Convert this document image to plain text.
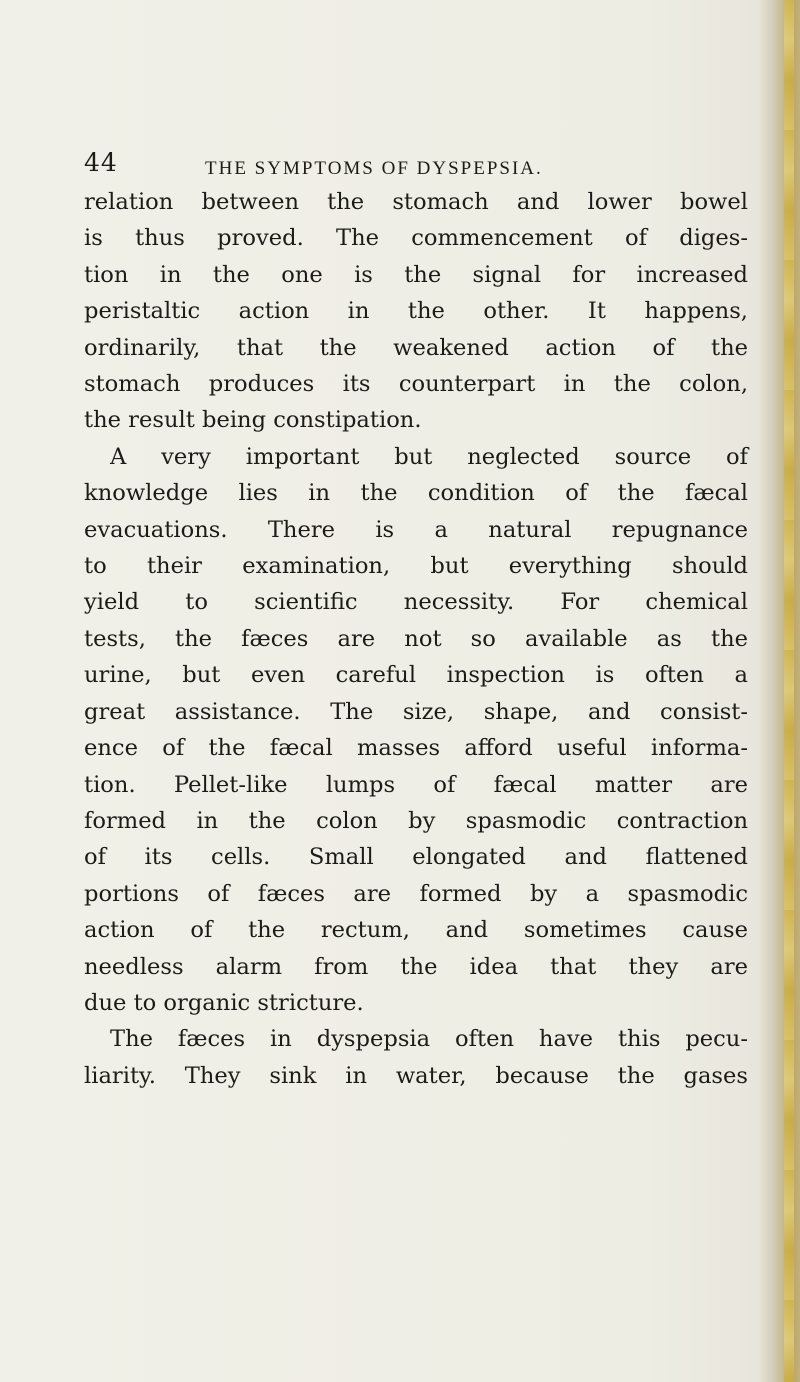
44	THE SYMPTOMS OF DYSPEPSIA.
relation between the stomach and lower bowel
is thus proved. The commencement of diges-
tion in the one is the signal for increased
peristaltic action in the other. It happens,
ordinarily, that the weakened action of the
stomach produces its counterpart in the colon,
the result being constipation.
A very important but neglected source of
knowledge lies in the condition of the fæcal
evacuations. There is a natural repugnance
to their examination, but everything should
yield to scientific necessity. For chemical
tests, the fæces are not so available as the
urine, but even careful inspection is often a
great assistance. The size, shape, and consist-
ence of the fæcal masses afford useful informa-
tion. Pellet-like lumps of fæcal matter are
formed in the colon by spasmodic contraction
of its cells. Small elongated and flattened
portions of fæces are formed by a spasmodic
action of the rectum, and sometimes cause
needless alarm from the idea that they are
due to organic stricture.
The fæces in dyspepsia often have this pecu-
liarity. They sink in water, because the gases
